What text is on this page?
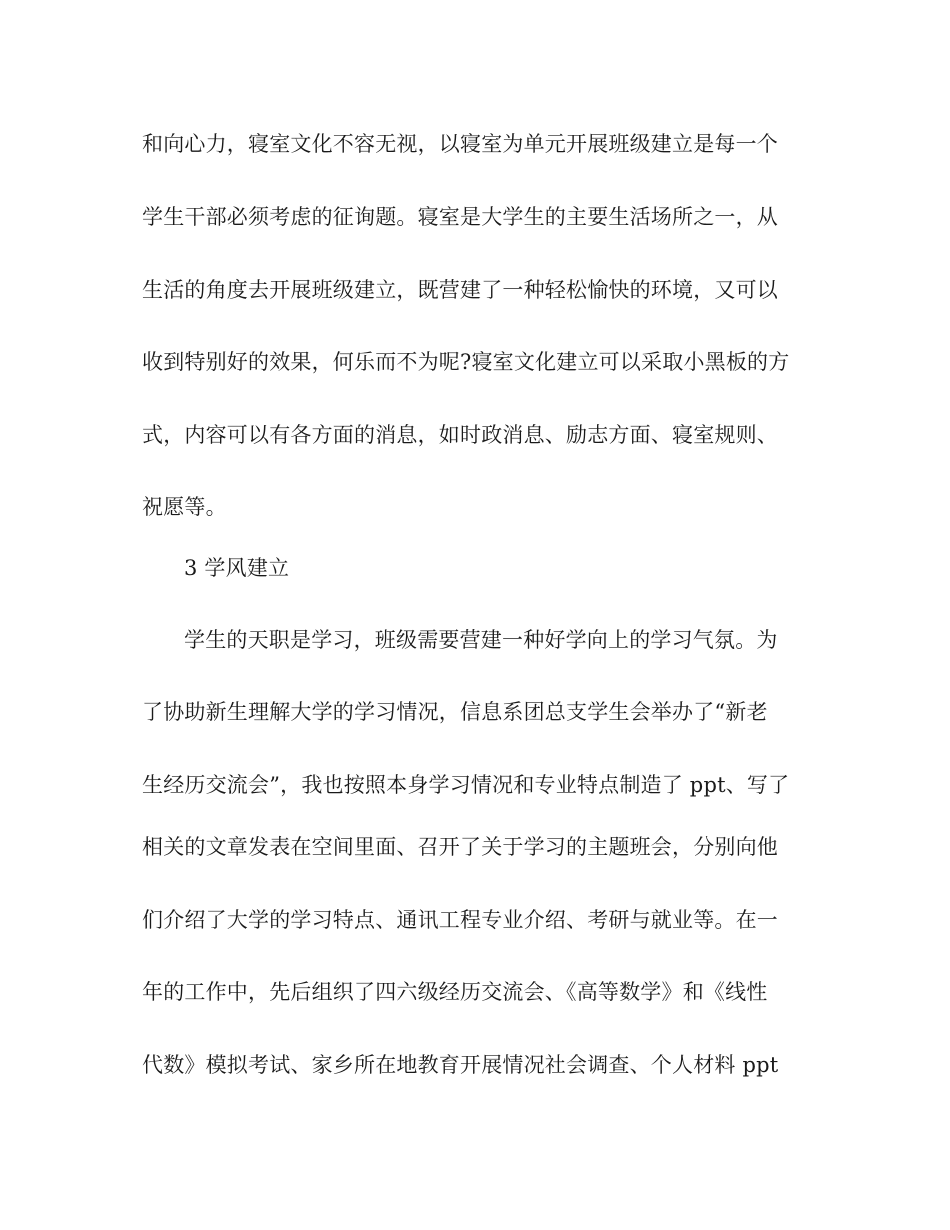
和向心力，寝室文化不容无视，以寝室为单元开展班级建立是每一个
学生干部必须考虑的征询题。寝室是大学生的主要生活场所之一，从
生活的角度去开展班级建立，既营建了一种轻松愉快的环境，又可以
收到特别好的效果，何乐而不为呢?寝室文化建立可以采取小黑板的方
式，内容可以有各方面的消息，如时政消息、励志方面、寝室规则、
祝愿等。
3 学风建立
学生的天职是学习，班级需要营建一种好学向上的学习气氛。为
了协助新生理解大学的学习情况，信息系团总支学生会举办了“新老
生经历交流会”，我也按照本身学习情况和专业特点制造了 ppt、写了
相关的文章发表在空间里面、召开了关于学习的主题班会，分别向他
们介绍了大学的学习特点、通讯工程专业介绍、考研与就业等。在一
年的工作中，先后组织了四六级经历交流会、《高等数学》和《线性
代数》模拟考试、家乡所在地教育开展情况社会调查、个人材料 ppt
